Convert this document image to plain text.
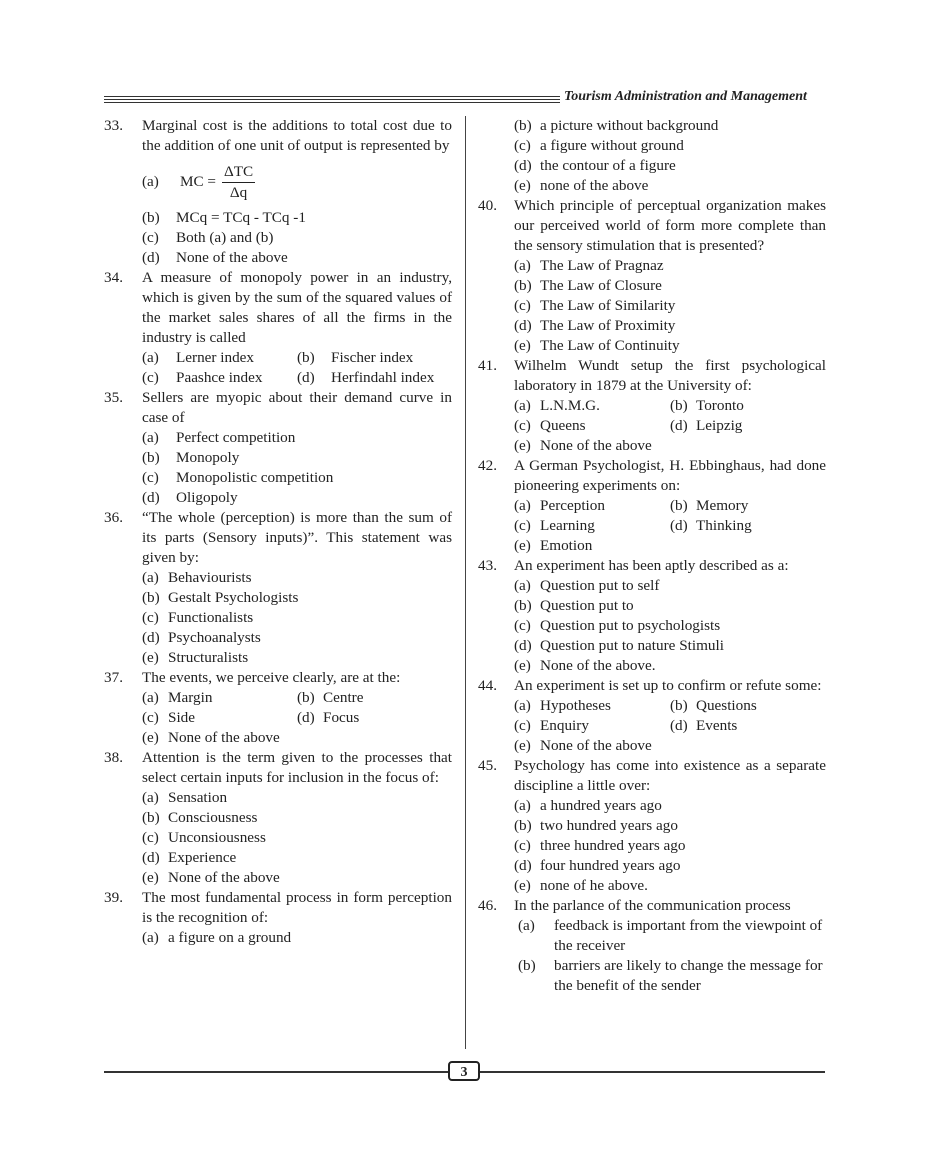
Tourism Administration and Management
33. Marginal cost is the additions to total cost due to the addition of one unit of output is represented by
(a)	MC = $\frac{\text{ΔTC}}{\Delta q}$
(b) MCq = TCq - TCq -1
(c) Both (a) and (b)
(d) None of the above
34. A measure of monopoly power in an industry, which is given by the sum of the squared values of the market sales shares of all the firms in the industry is called
(a) Lerner index	(b) Fischer index
(c) Paashce index	(d) Herfindahl index
35. Sellers are myopic about their demand curve in case of
(a) Perfect competition
(b) Monopoly
(c) Monopolistic competition
(d) Oligopoly
36. “The whole (perception) is more than the sum of its parts (Sensory inputs)”. This statement was given by:
(a) Behaviourists
(b) Gestalt Psychologists
(c) Functionalists
(d) Psychoanalysts
(e) Structuralists
37. The events, we perceive clearly, are at the:
(a) Margin	(b) Centre
(c) Side	(d) Focus
(e) None of the above
38. Attention is the term given to the processes that select certain inputs for inclusion in the focus of:
(a) Sensation
(b) Consciousness
(c) Unconsiousness
(d) Experience
(e) None of the above
39. The most fundamental process in form perception is the recognition of:
(a) a figure on a ground
(b) a picture without background
(c) a figure without ground
(d) the contour of a figure
(e) none of the above
40. Which principle of perceptual organization makes our perceived world of form more complete than the sensory stimulation that is presented?
(a) The Law of Pragnaz
(b) The Law of Closure
(c) The Law of Similarity
(d) The Law of Proximity
(e) The Law of Continuity
41. Wilhelm Wundt setup the first psychological laboratory in 1879 at the University of:
(a) L.N.M.G.	(b) Toronto
(c) Queens	(d) Leipzig
(e) None of the above
42. A German Psychologist, H. Ebbinghaus, had done pioneering experiments on:
(a) Perception	(b) Memory
(c) Learning	(d) Thinking
(e) Emotion
43. An experiment has been aptly described as a:
(a) Question put to self
(b) Question put to
(c) Question put to psychologists
(d) Question put to nature Stimuli
(e) None of the above.
44. An experiment is set up to confirm or refute some:
(a) Hypotheses	(b) Questions
(c) Enquiry	(d) Events
(e) None of the above
45. Psychology has come into existence as a separate discipline a little over:
(a) a hundred years ago
(b) two hundred years ago
(c) three hundred years ago
(d) four hundred years ago
(e) none of he above.
46. In the parlance of the communication process
(a)	feedback is important from the viewpoint of the receiver
(b)	barriers are likely to change the message for the benefit of the sender
3
